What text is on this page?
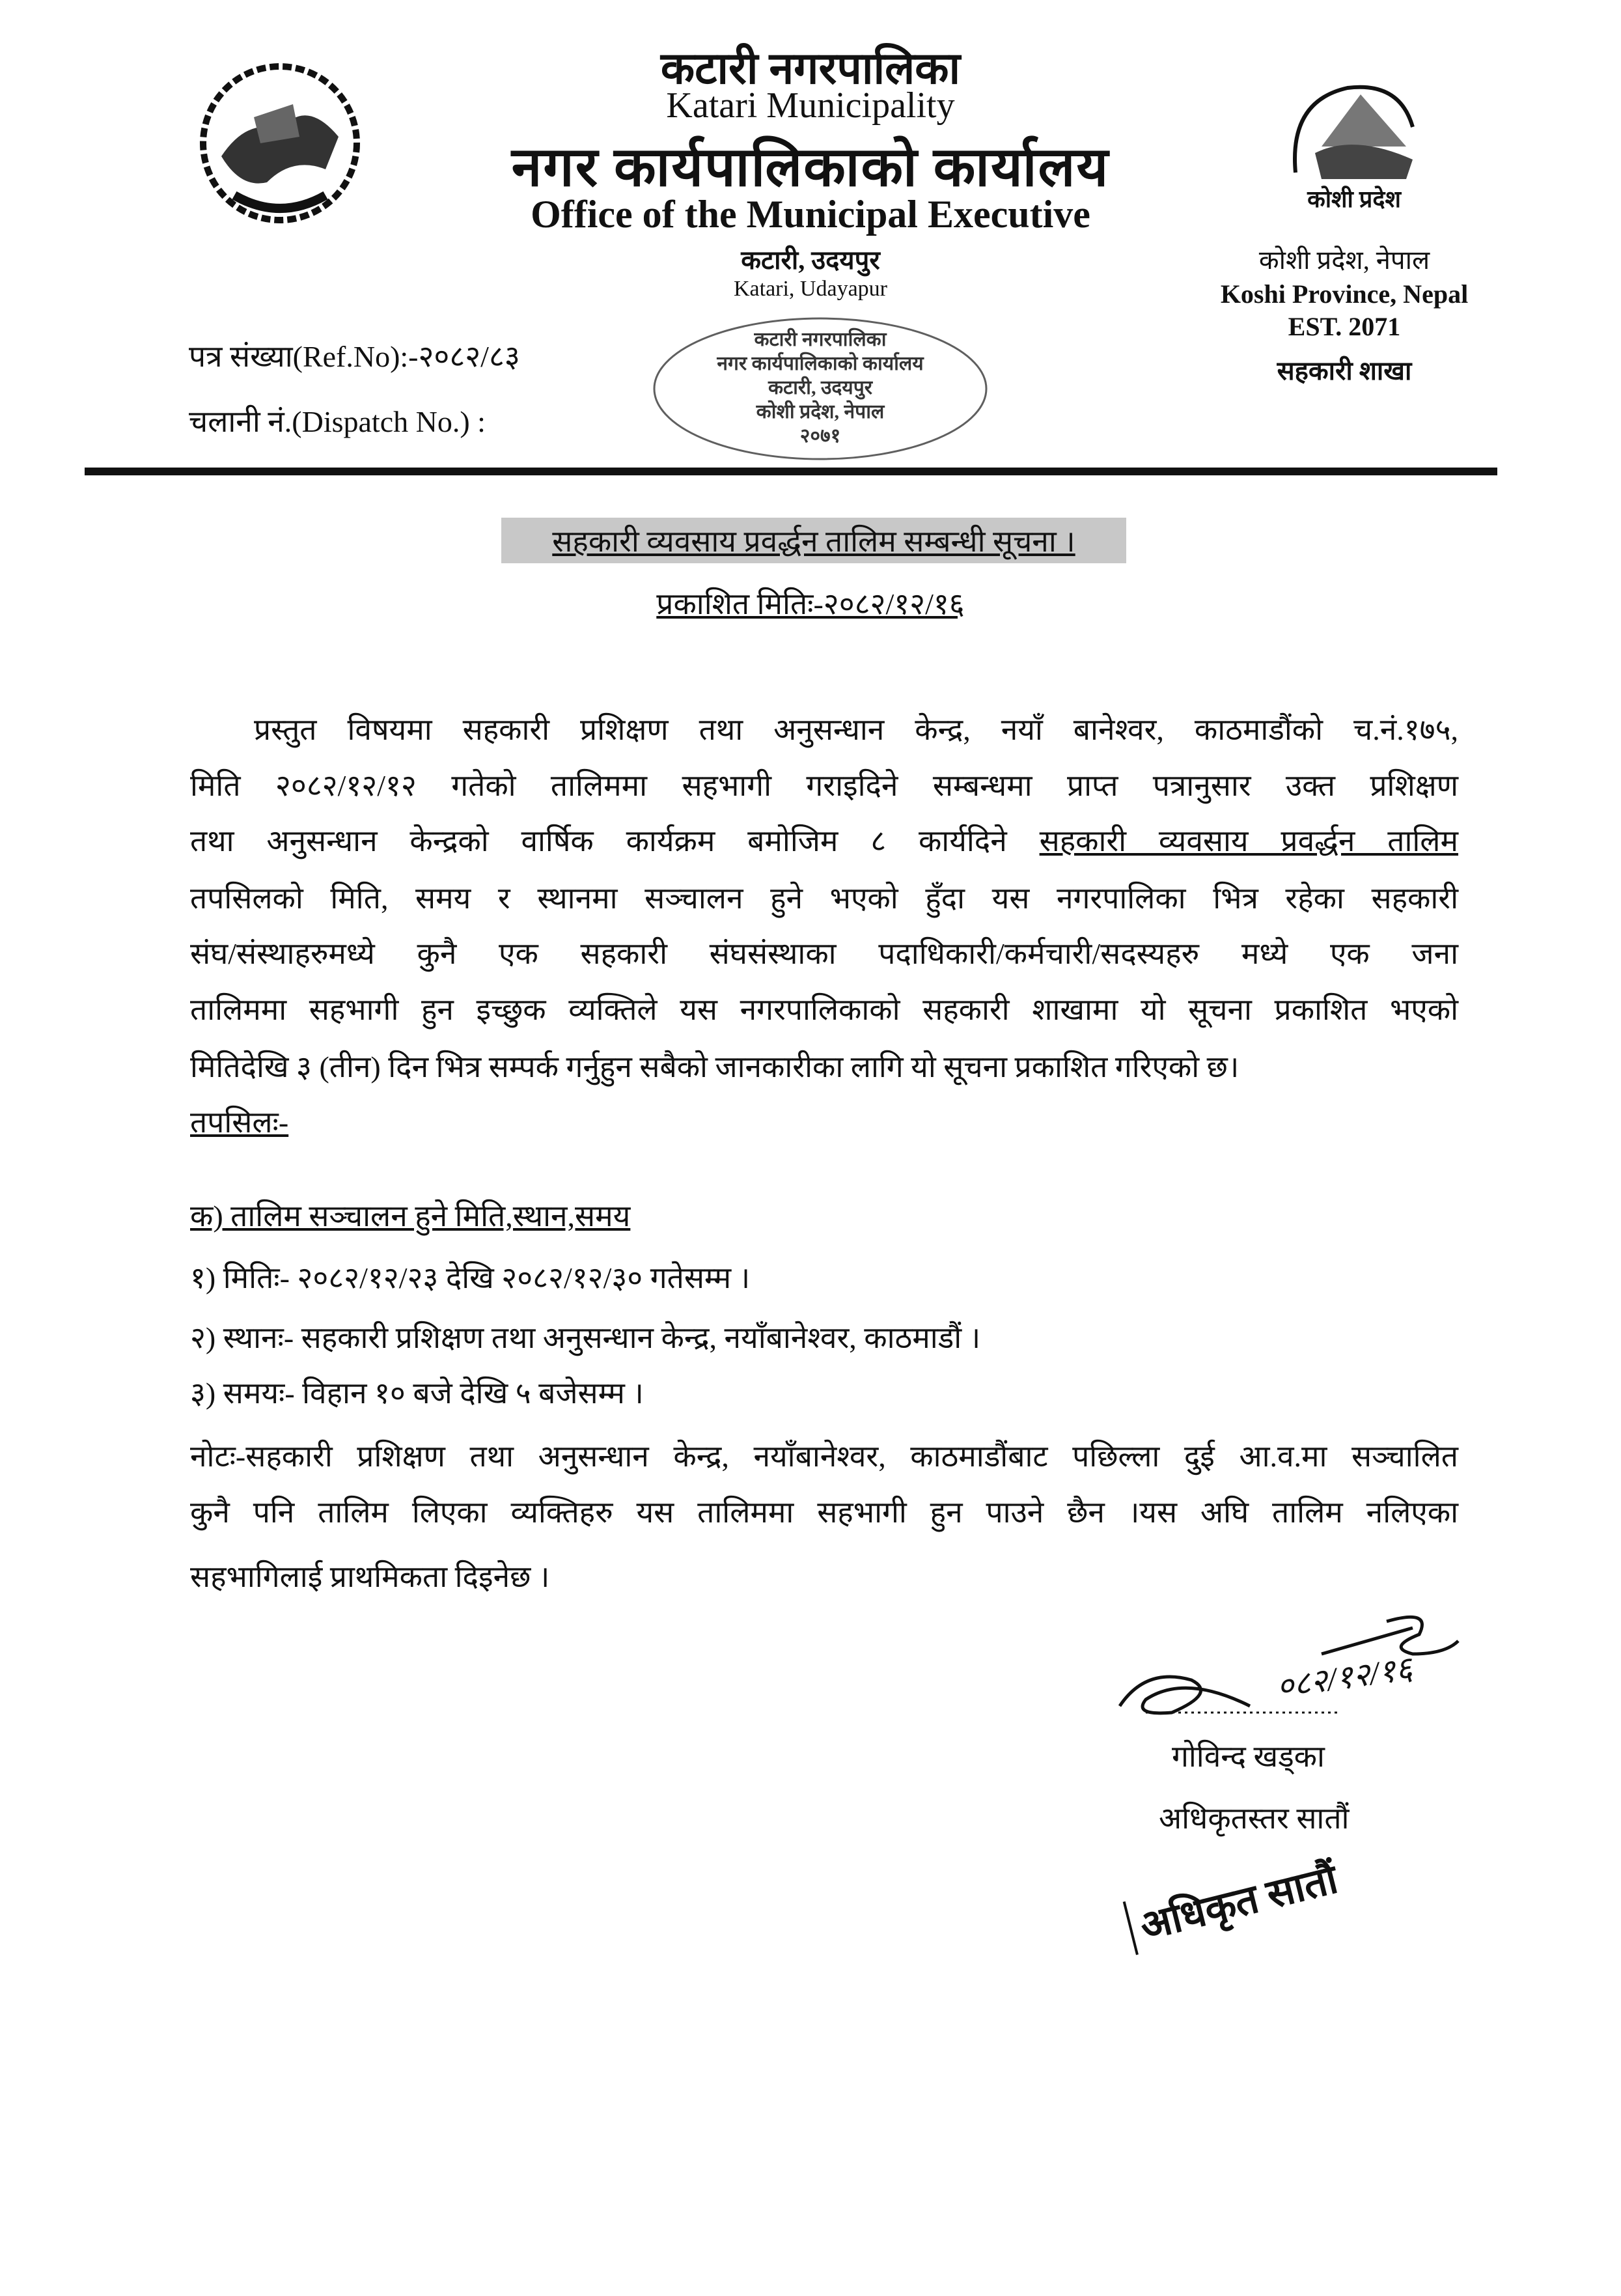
कटारी नगरपालिका
Katari Municipality
नगर कार्यपालिकाको कार्यालय
Office of the Municipal Executive
कटारी, उदयपुर
Katari, Udayapur
कटारी नगरपालिका
नगर कार्यपालिकाको कार्यालय
कटारी, उदयपुर
कोशी प्रदेश, नेपाल
२०७१
कोशी प्रदेश
कोशी प्रदेश, नेपाल
Koshi Province, Nepal
EST. 2071
सहकारी शाखा
पत्र संख्या(Ref.No):-२०८२/८३
चलानी नं.(Dispatch No.) :
सहकारी व्यवसाय प्रवर्द्धन तालिम सम्बन्धी सूचना ।
प्रकाशित मितिः-२०८२/१२/१६
प्रस्तुत विषयमा सहकारी प्रशिक्षण तथा अनुसन्धान केन्द्र, नयाँ बानेश्वर, काठमाडौंको च.नं.१७५,
मिति २०८२/१२/१२ गतेको तालिममा सहभागी गराइदिने सम्बन्धमा प्राप्त पत्रानुसार उक्त प्रशिक्षण
तथा अनुसन्धान केन्द्रको वार्षिक कार्यक्रम बमोजिम ८ कार्यदिने सहकारी व्यवसाय प्रवर्द्धन तालिम
तपसिलको मिति, समय र स्थानमा सञ्चालन हुने भएको हुँदा यस नगरपालिका भित्र रहेका सहकारी
संघ/संस्थाहरुमध्ये कुनै एक सहकारी संघसंस्थाका पदाधिकारी/कर्मचारी/सदस्यहरु मध्ये एक जना
तालिममा सहभागी हुन इच्छुक व्यक्तिले यस नगरपालिकाको सहकारी शाखामा यो सूचना प्रकाशित भएको
मितिदेखि ३ (तीन) दिन भित्र सम्पर्क गर्नुहुन सबैको जानकारीका लागि यो सूचना प्रकाशित गरिएको छ।
तपसिलः-
क) तालिम सञ्चालन हुने मिति,स्थान,समय
१) मितिः- २०८२/१२/२३ देखि २०८२/१२/३० गतेसम्म ।
२) स्थानः- सहकारी प्रशिक्षण तथा अनुसन्धान केन्द्र, नयाँबानेश्वर, काठमाडौं ।
३) समयः- विहान १० बजे देखि ५ बजेसम्म ।
नोटः-सहकारी प्रशिक्षण तथा अनुसन्धान केन्द्र, नयाँबानेश्वर, काठमाडौंबाट पछिल्ला दुई आ.व.मा सञ्चालित
कुनै पनि तालिम लिएका व्यक्तिहरु यस तालिममा सहभागी हुन पाउने छैन ।यस अघि तालिम नलिएका
सहभागिलाई प्राथमिकता दिइनेछ ।
०८२/१२/१६
गोविन्द खड्का
अधिकृतस्तर सातौं
अधिकृत सातौं
